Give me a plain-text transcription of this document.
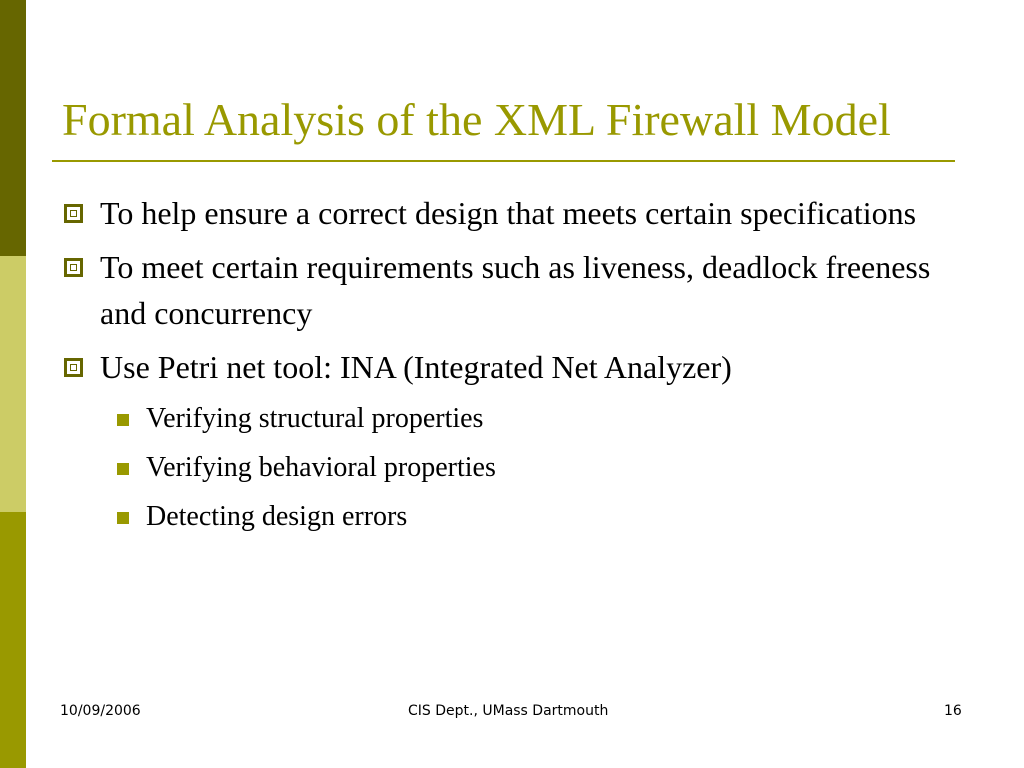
Formal Analysis of the XML Firewall Model
To help ensure a correct design that meets certain specifications
To meet certain requirements such as liveness, deadlock freeness and concurrency
Use Petri net tool: INA (Integrated Net Analyzer)
Verifying structural properties
Verifying behavioral properties
Detecting design errors
10/09/2006	CIS Dept., UMass Dartmouth	16
